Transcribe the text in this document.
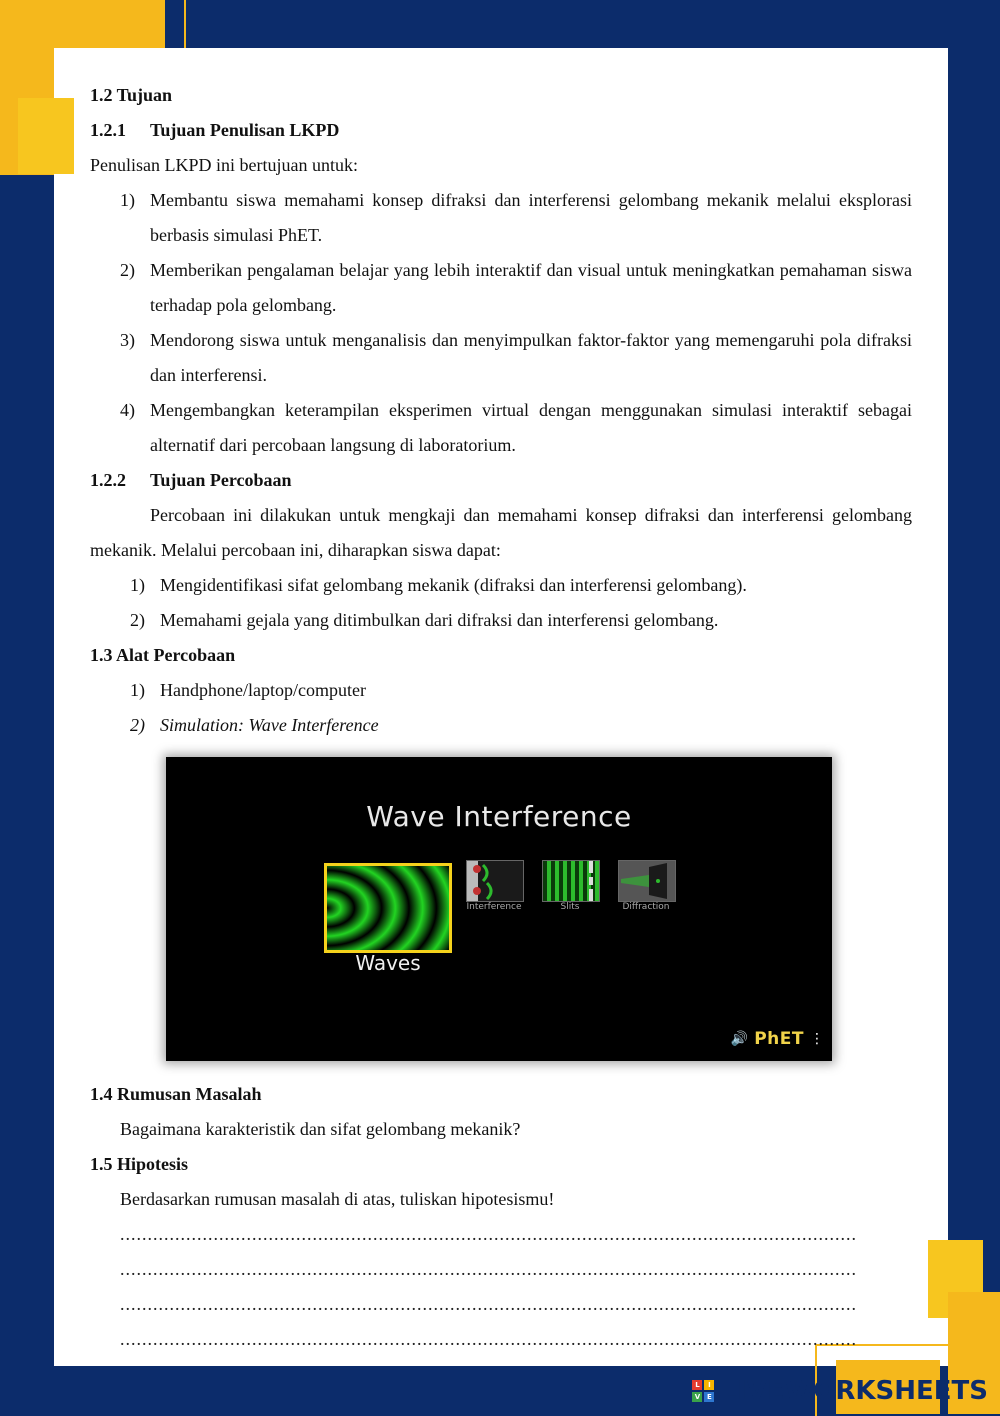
1.2 Tujuan
1.2.1	Tujuan Penulisan LKPD

Penulisan LKPD ini bertujuan untuk:

1) Membantu siswa memahami konsep difraksi dan interferensi gelombang mekanik melalui eksplorasi berbasis simulasi PhET.
2) Memberikan pengalaman belajar yang lebih interaktif dan visual untuk meningkatkan pemahaman siswa terhadap pola gelombang.
3) Mendorong siswa untuk menganalisis dan menyimpulkan faktor-faktor yang memengaruhi pola difraksi dan interferensi.
4) Mengembangkan keterampilan eksperimen virtual dengan menggunakan simulasi interaktif sebagai alternatif dari percobaan langsung di laboratorium.
1.2.2	Tujuan Percobaan

Percobaan ini dilakukan untuk mengkaji dan memahami konsep difraksi dan interferensi gelombang mekanik. Melalui percobaan ini, diharapkan siswa dapat:

1) Mengidentifikasi sifat gelombang mekanik (difraksi dan interferensi gelombang).
2) Memahami gejala yang ditimbulkan dari difraksi dan interferensi gelombang.
1.3 Alat Percobaan
1) Handphone/laptop/computer
2) Simulation: Wave Interference
Wave Interference
Waves
Interference	Slits	Diffraction
🔊 PhET ⋮
1.4 Rumusan Masalah

Bagaimana karakteristik dan sifat gelombang mekanik?

1.5 Hipotesis

Berdasarkan rumusan masalah di atas, tuliskan hipotesismu!

......................................................................................................................................

......................................................................................................................................

......................................................................................................................................

......................................................................................................................................

L	I
V E LIVEWORKSHEETS
